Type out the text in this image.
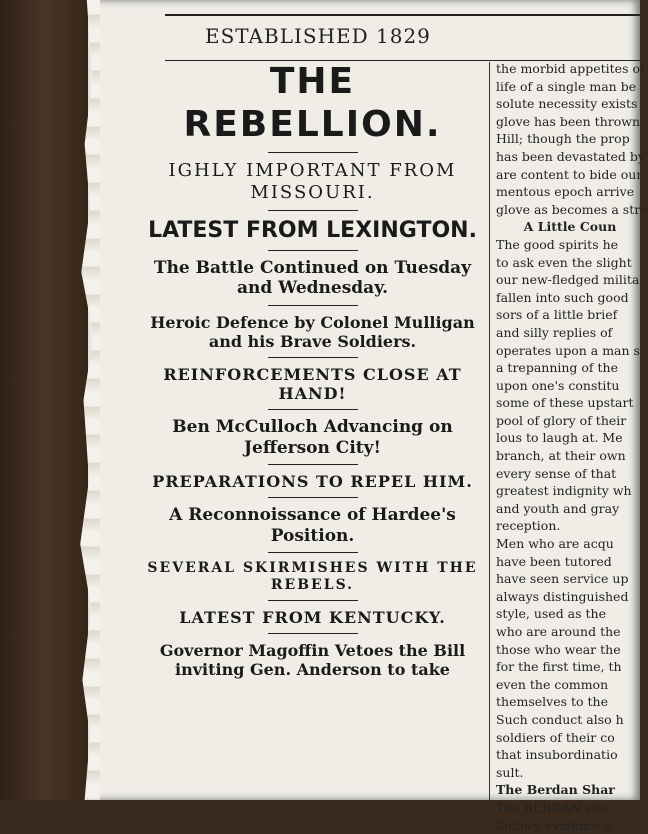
ESTABLISHED 1829

THE REBELLION.

IGHLY IMPORTANT FROM MISSOURI.

LATEST FROM LEXINGTON.

The Battle Continued on Tuesday and Wednesday.

Heroic Defence by Colonel Mulligan and his Brave Soldiers.

REINFORCEMENTS CLOSE AT HAND!

Ben McCulloch Advancing on Jefferson City!

PREPARATIONS TO REPEL HIM.

A Reconnoissance of Hardee's Position.

SEVERAL SKIRMISHES WITH THE REBELS.

LATEST FROM KENTUCKY.

Governor Magoffin Vetoes the Bill inviting Gen. Anderson to take

the morbid appetites of

life of a single man be

solute necessity exists

glove has been thrown

Hill; though the prop

has been devastated by

are content to bide our

mentous epoch arrive

glove as becomes a stre

A Little Coun

The good spirits he

to ask even the slight

our new-fledged milita

fallen into such good

sors of a little brief

and silly replies of

operates upon a man s

a trepanning of the

upon one's constitu

some of these upstart

pool of glory of their

lous to laugh at. Me

branch, at their own

every sense of that

greatest indignity wh

and youth and gray

reception.

Men who are acqu

have been tutored

have seen service up

always distinguished

style, used as the

who are around the

those who wear the

for the first time, th

even the common

themselves to the

Such conduct also h

soldiers of their co

that insubordinatio

sult.

The Berdan Shar

The BERDAN sha

factory evidence o
